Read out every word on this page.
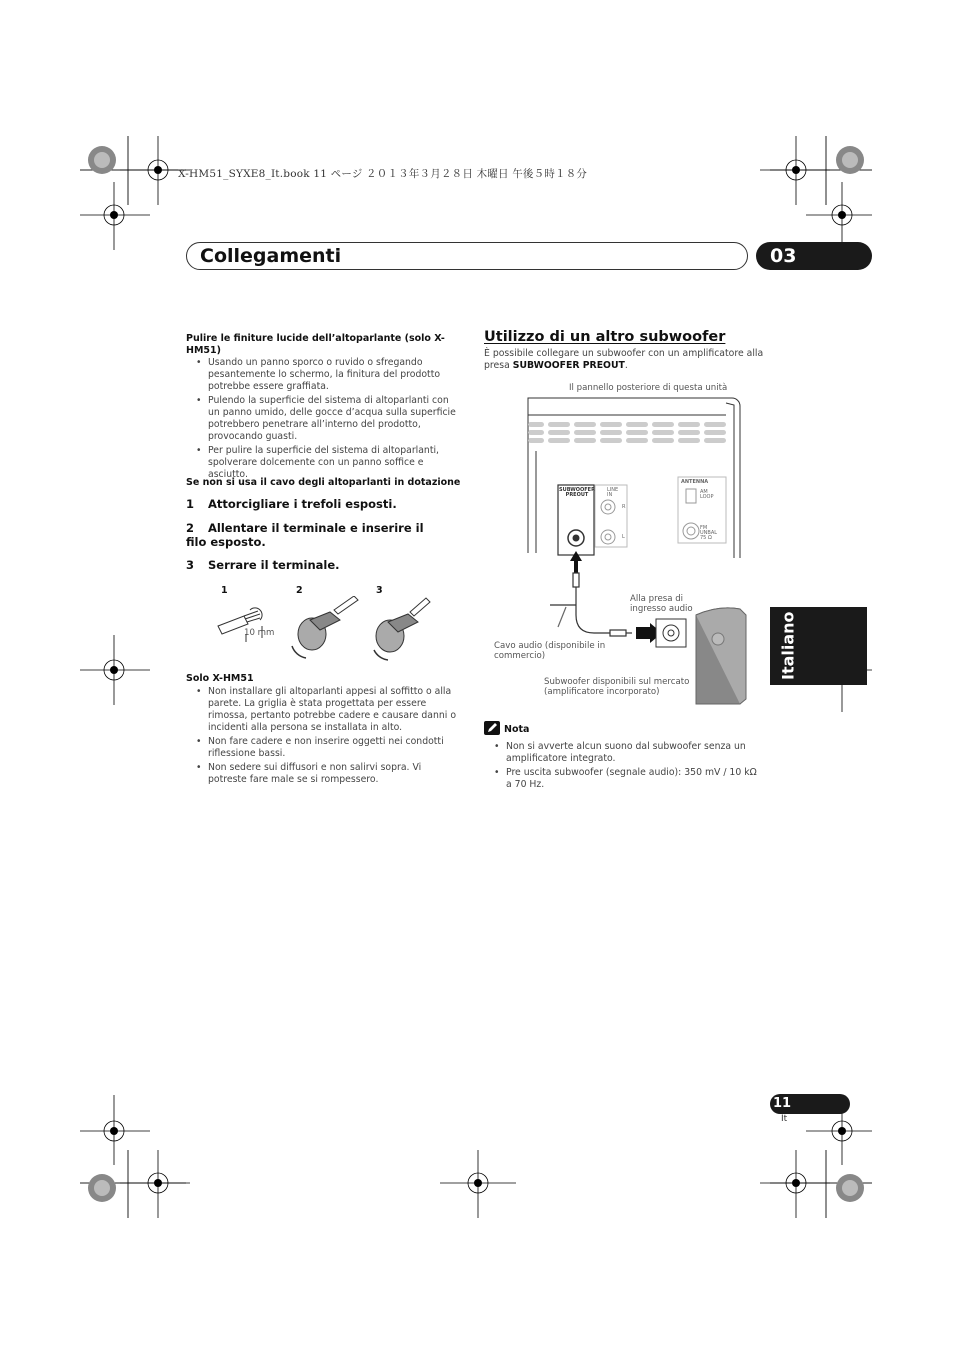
X-HM51_SYXE8_It.book 11 ページ ２０１３年３月２８日 木曜日 午後５時１８分
Collegamenti	03
Italiano
Pulire le finiture lucide dell’altoparlante (solo X-HM51)
• Usando un panno sporco o ruvido o sfregando pesantemente lo schermo, la finitura del prodotto potrebbe essere graffiata.
• Pulendo la superficie del sistema di altoparlanti con un panno umido, delle gocce d’acqua sulla superficie potrebbero penetrare all’interno del prodotto, provocando guasti.
• Per pulire la superficie del sistema di altoparlanti, spolverare dolcemente con un panno soffice e asciutto.
Se non si usa il cavo degli altoparlanti in dotazione
1 Attorcigliare i trefoli esposti.
2 Allentare il terminale e inserire il filo esposto.
3 Serrare il terminale.
1	2	3
10 mm
Solo X-HM51
• Non installare gli altoparlanti appesi al soffitto o alla parete. La griglia è stata progettata per essere rimossa, pertanto potrebbe cadere e causare danni o incidenti alla persona se installata in alto.
• Non fare cadere e non inserire oggetti nei condotti riflessione bassi.
• Non sedere sui diffusori e non salirvi sopra. Vi potreste fare male se si rompessero.
Utilizzo di un altro subwoofer
È possibile collegare un subwoofer con un amplificatore alla presa SUBWOOFER PREOUT.
Il pannello posteriore di questa unità
SUBWOOFER
PREOUT
LINE
IN
R
L
ANTENNA
AM
LOOP
FM
UNBAL
75 Ω
Alla presa di
ingresso audio
Cavo audio (disponibile in
commercio)
Subwoofer disponibili sul mercato
(amplificatore incorporato)
Nota
• Non si avverte alcun suono dal subwoofer senza un amplificatore integrato.
• Pre uscita subwoofer (segnale audio): 350 mV / 10 kΩ a 70 Hz.
11
It
